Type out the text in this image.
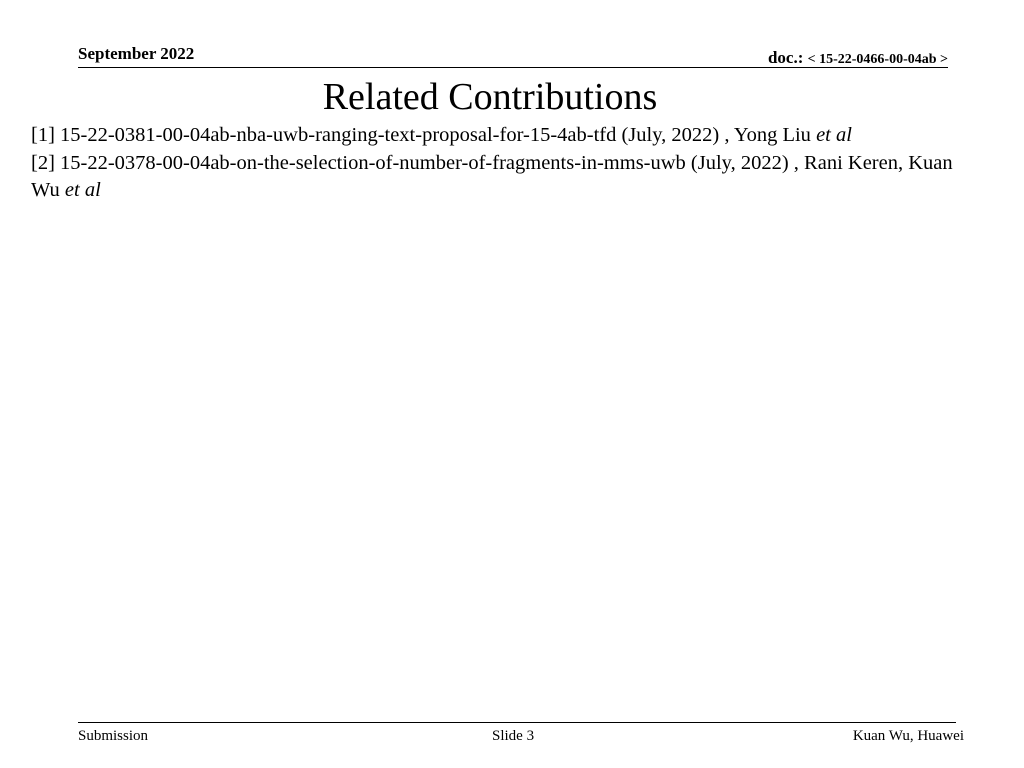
September 2022	doc.: < 15-22-0466-00-04ab >
Related Contributions

[1] 15-22-0381-00-04ab-nba-uwb-ranging-text-proposal-for-15-4ab-tfd (July, 2022) , Yong Liu et al

[2] 15-22-0378-00-04ab-on-the-selection-of-number-of-fragments-in-mms-uwb (July, 2022) , Rani Keren, Kuan Wu et al

Submission	Slide 3	Kuan Wu, Huawei
